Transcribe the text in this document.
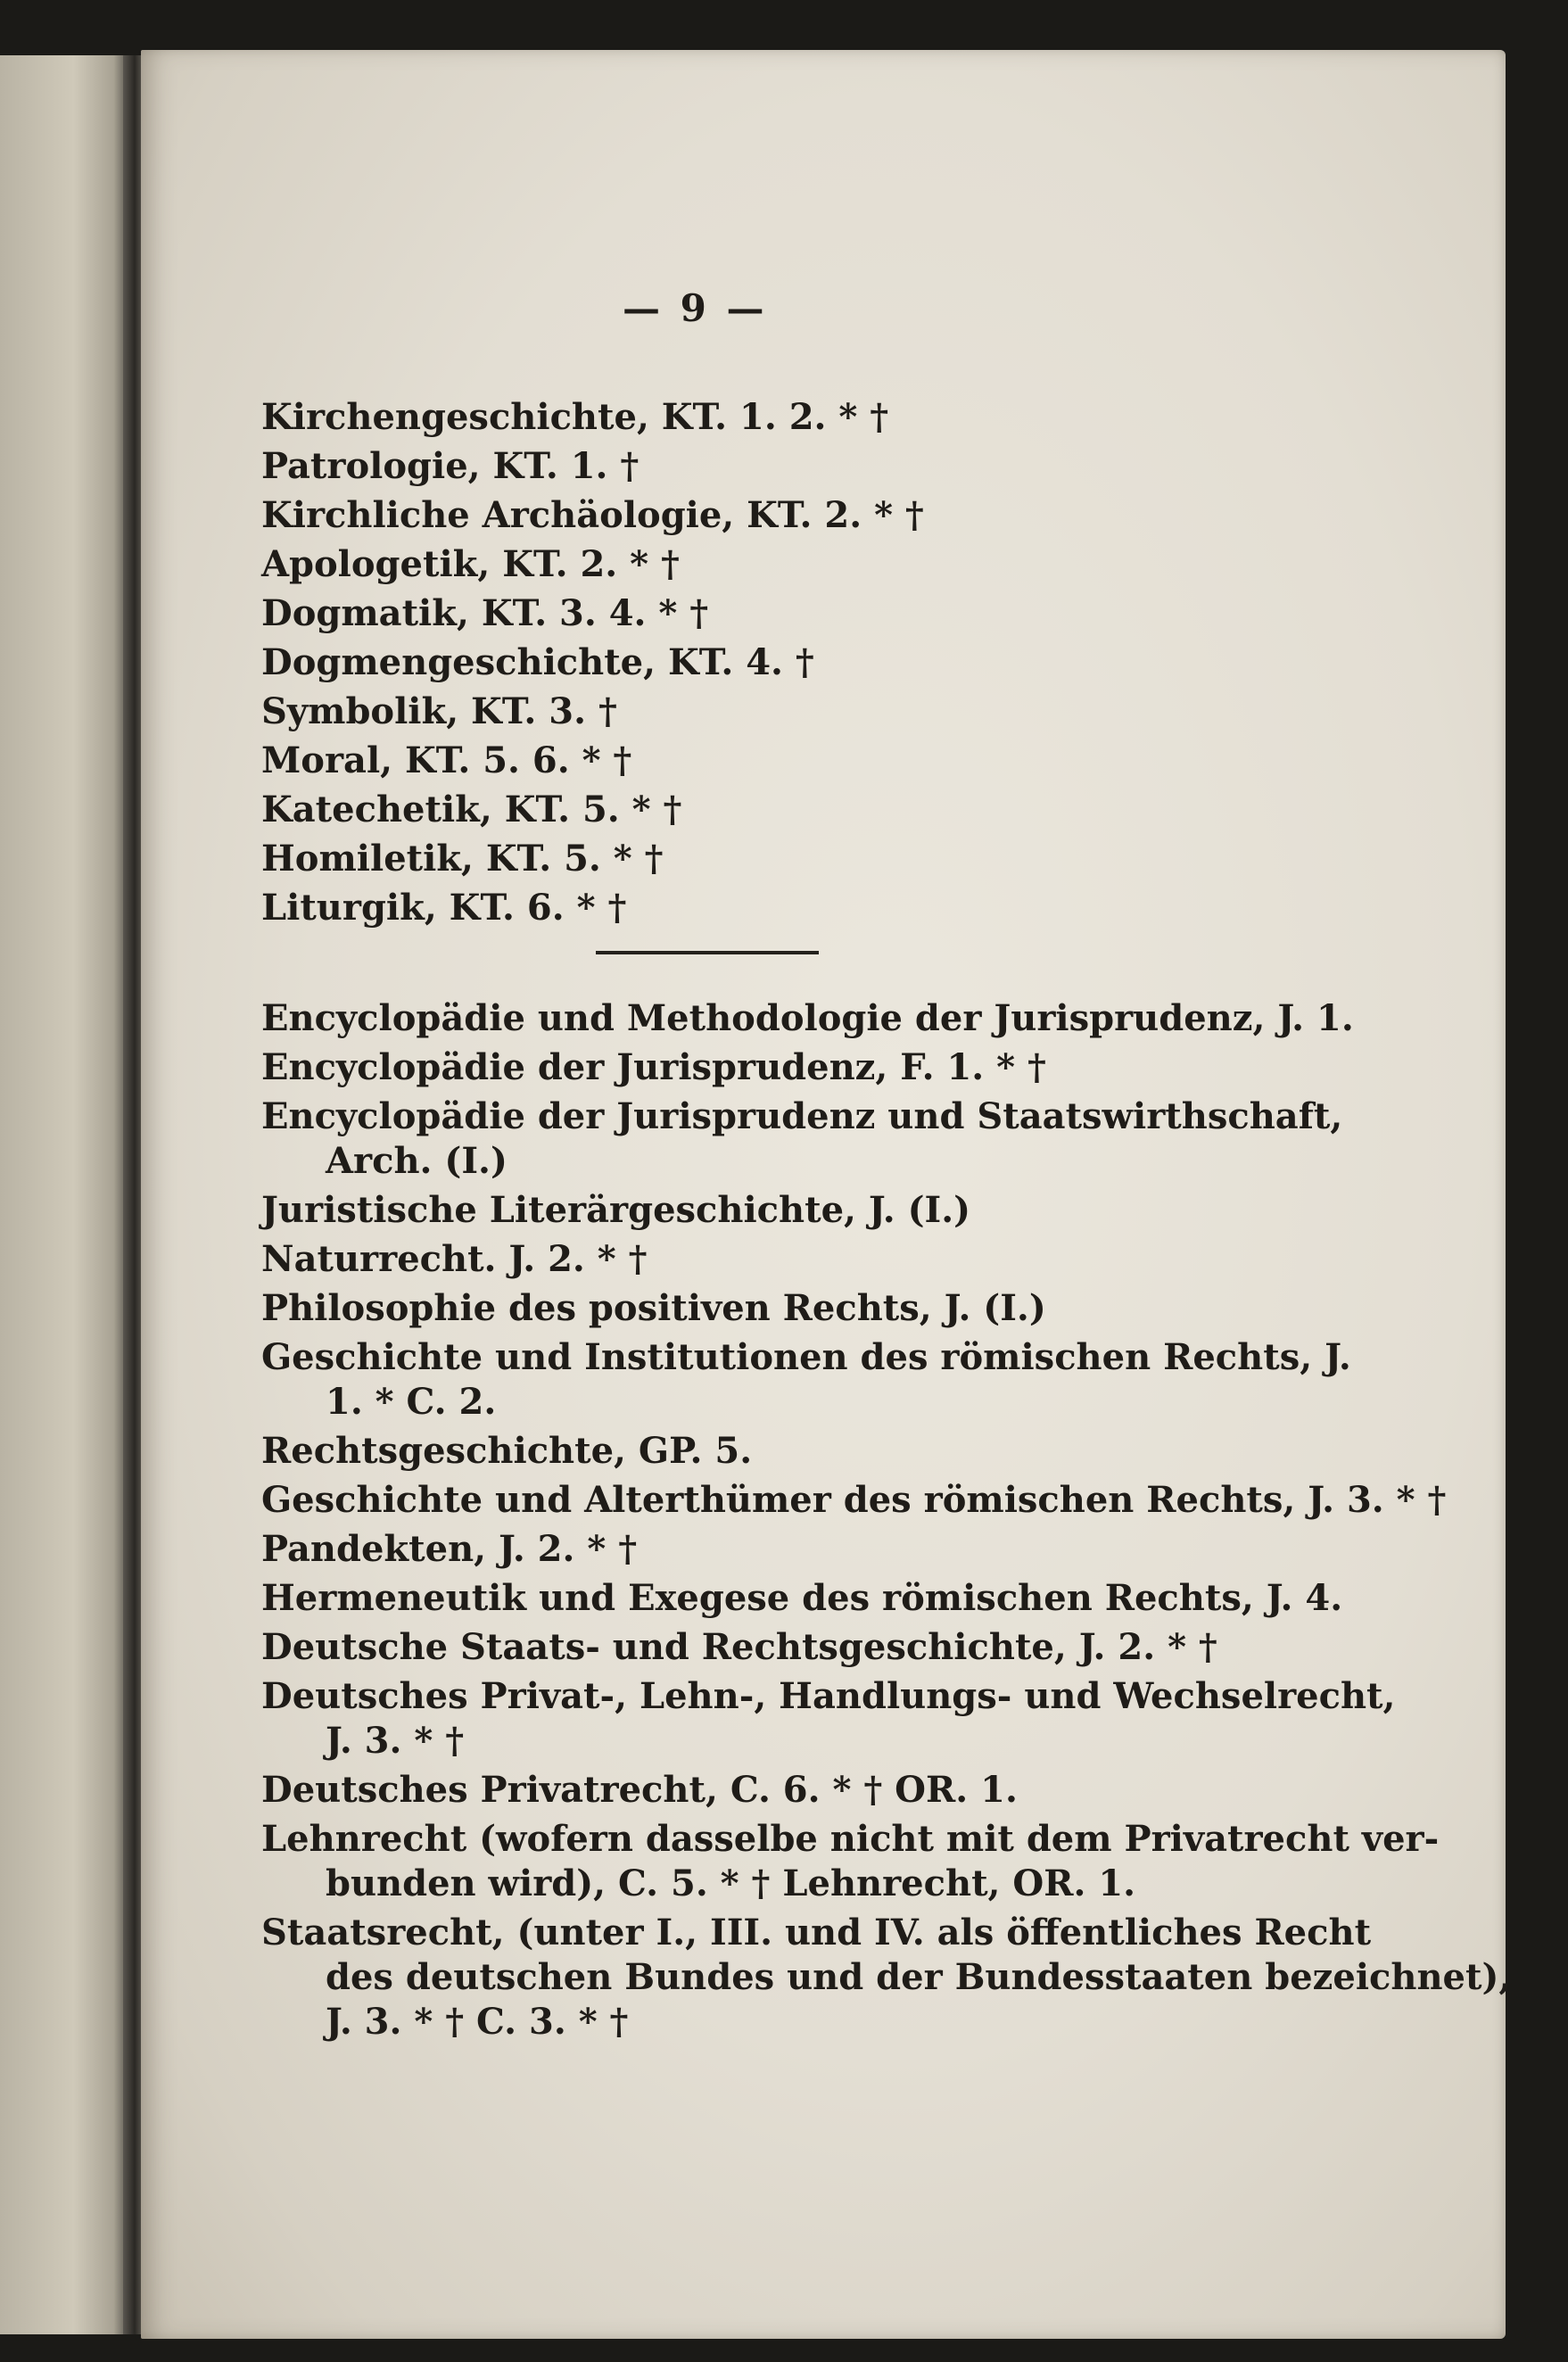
— 9 —
Kirchengeschichte, KT. 1. 2. * †
Patrologie, KT. 1. †
Kirchliche Archäologie, KT. 2. * †
Apologetik, KT. 2. * †
Dogmatik, KT. 3. 4. * †
Dogmengeschichte, KT. 4. †
Symbolik, KT. 3. †
Moral, KT. 5. 6. * †
Katechetik, KT. 5. * †
Homiletik, KT. 5. * †
Liturgik, KT. 6. * †
Encyclopädie und Methodologie der Jurisprudenz, J. 1.
Encyclopädie der Jurisprudenz, F. 1. * †
Encyclopädie der Jurisprudenz und Staatswirthschaft,
Arch. (I.)
Juristische Literärgeschichte, J. (I.)
Naturrecht. J. 2. * †
Philosophie des positiven Rechts, J. (I.)
Geschichte und Institutionen des römischen Rechts, J.
1. * C. 2.
Rechtsgeschichte, GP. 5.
Geschichte und Alterthümer des römischen Rechts, J. 3. * †
Pandekten, J. 2. * †
Hermeneutik und Exegese des römischen Rechts, J. 4.
Deutsche Staats- und Rechtsgeschichte, J. 2. * †
Deutsches Privat-, Lehn-, Handlungs- und Wechselrecht,
J. 3. * †
Deutsches Privatrecht, C. 6. * † OR. 1.
Lehnrecht (wofern dasselbe nicht mit dem Privatrecht ver-
bunden wird), C. 5. * † Lehnrecht, OR. 1.
Staatsrecht, (unter I., III. und IV. als öffentliches Recht
des deutschen Bundes und der Bundesstaaten bezeichnet),
J. 3. * † C. 3. * †
